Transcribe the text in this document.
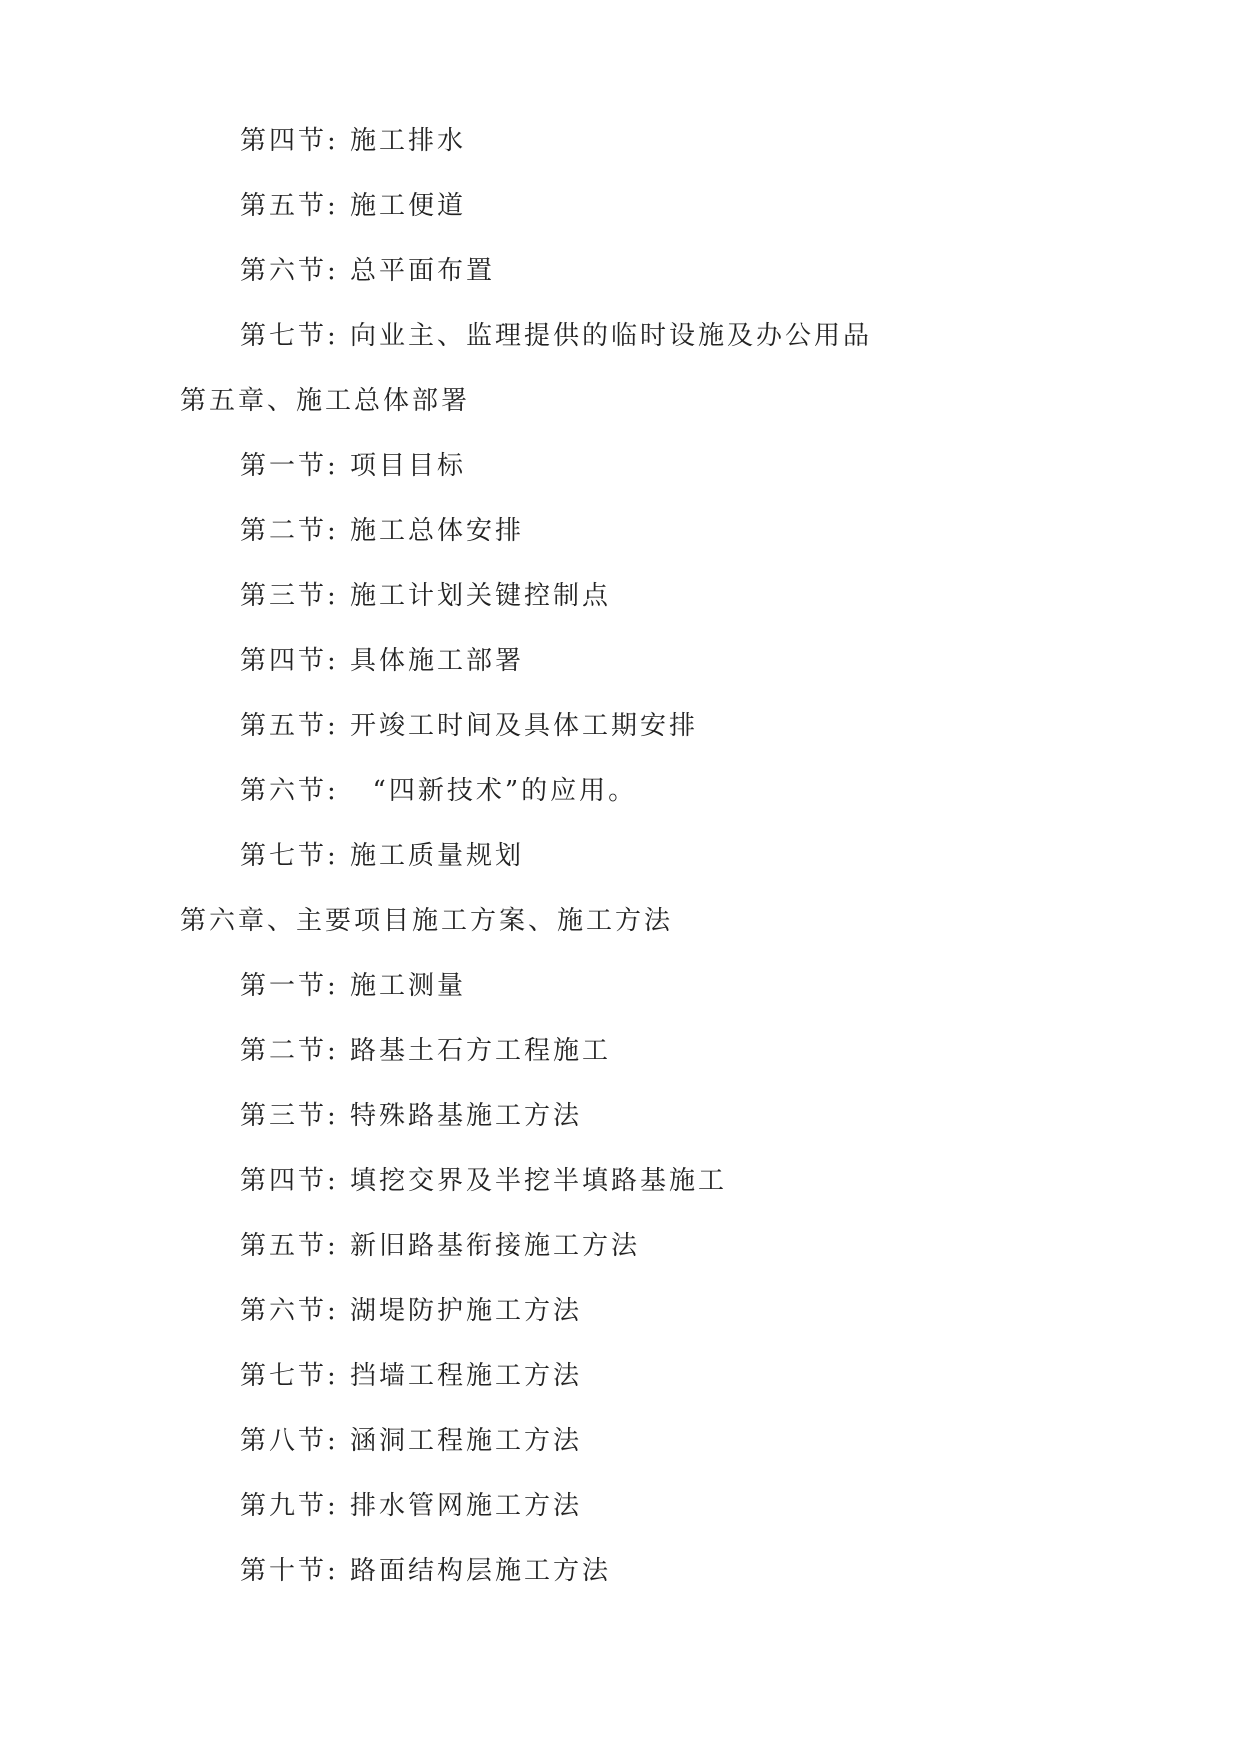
第四节: 施工排水
第五节: 施工便道
第六节: 总平面布置
第七节: 向业主、监理提供的临时设施及办公用品
第五章、施工总体部署
第一节: 项目目标
第二节: 施工总体安排
第三节: 施工计划关键控制点
第四节: 具体施工部署
第五节: 开竣工时间及具体工期安排
第六节:   “四新技术”的应用。
第七节: 施工质量规划
第六章、主要项目施工方案、施工方法
第一节: 施工测量
第二节: 路基土石方工程施工
第三节: 特殊路基施工方法
第四节: 填挖交界及半挖半填路基施工
第五节: 新旧路基衔接施工方法
第六节: 湖堤防护施工方法
第七节: 挡墙工程施工方法
第八节: 涵洞工程施工方法
第九节: 排水管网施工方法
第十节: 路面结构层施工方法
